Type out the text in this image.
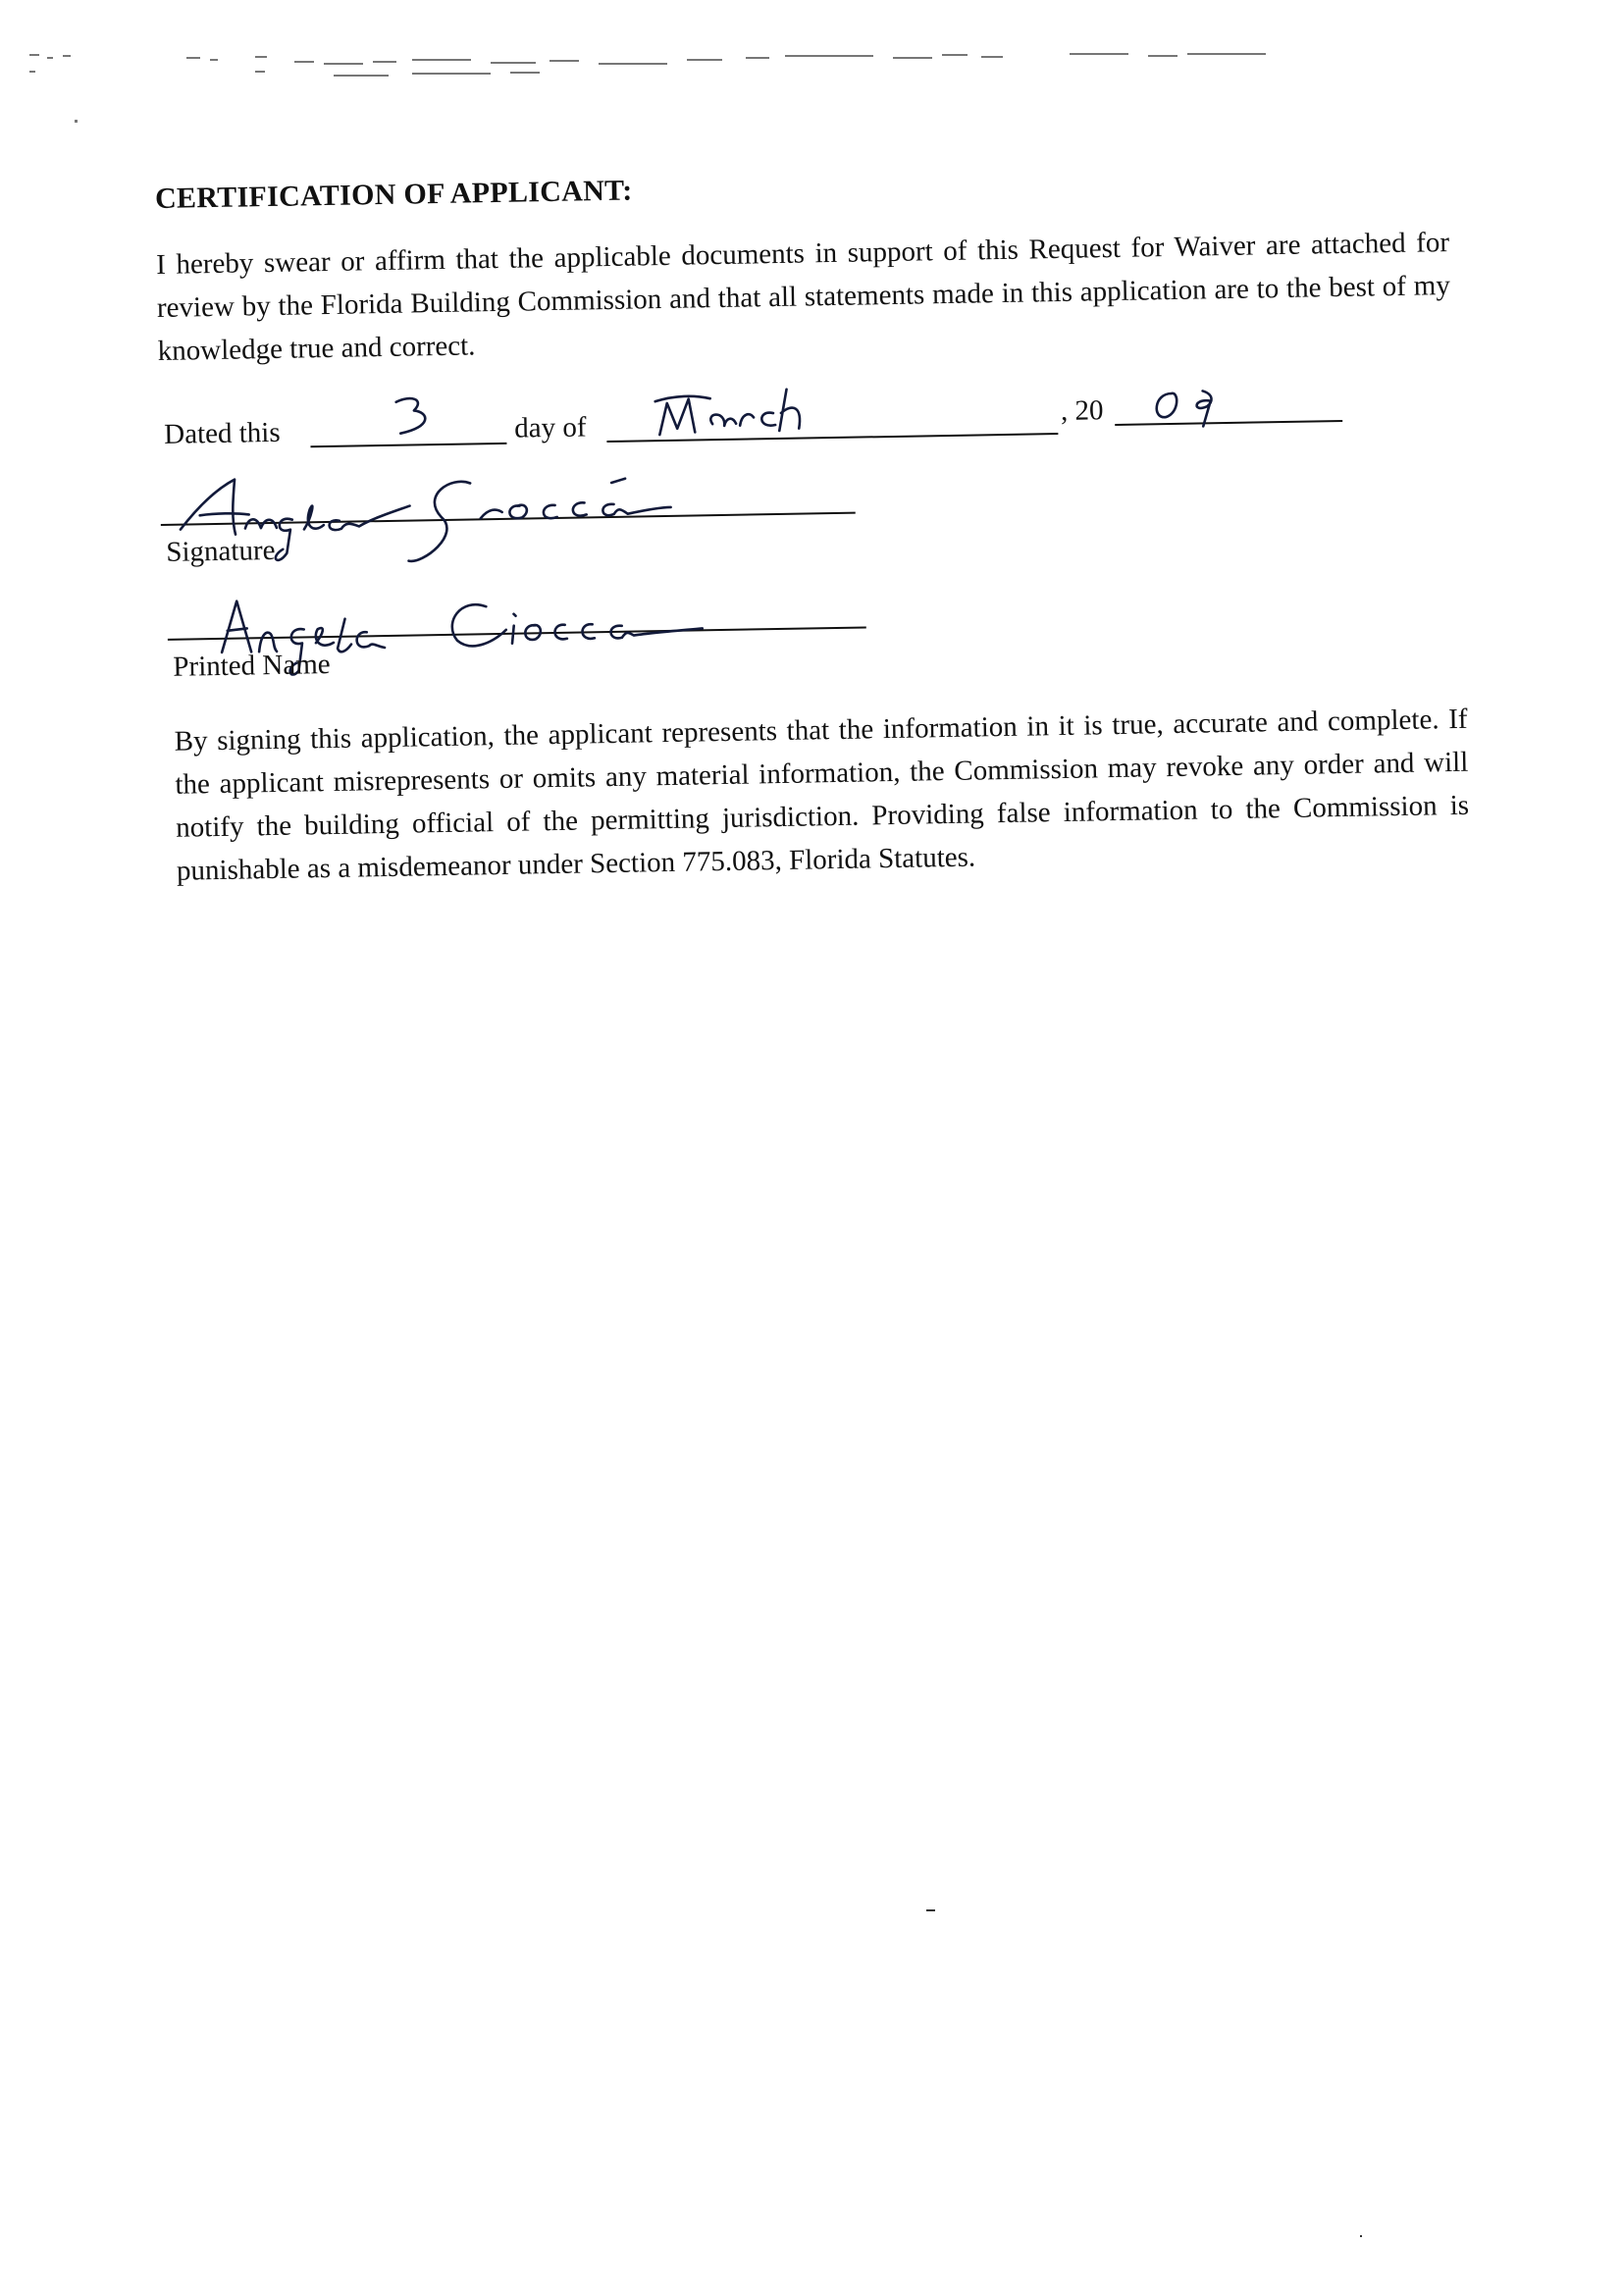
CERTIFICATION OF APPLICANT:

I hereby swear or affirm that the applicable documents in support of this Request for Waiver are attached for review by the Florida Building Commission and that all statements made in this application are to the best of my knowledge true and correct.

Dated this	day of
, 20
Signature
Printed Name

By signing this application, the applicant represents that the information in it is true, accurate and complete. If the applicant misrepresents or omits any material information, the Commission may revoke any order and will notify the building official of the permitting jurisdiction. Providing false information to the Commission is punishable as a misdemeanor under Section 775.083, Florida Statutes.
